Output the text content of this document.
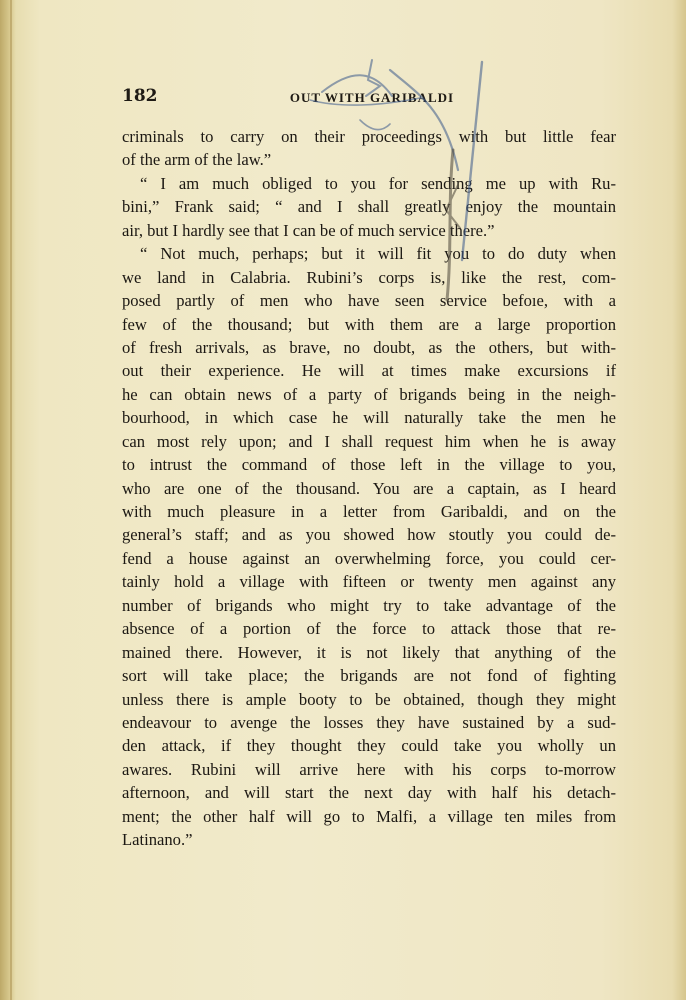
182	OUT WITH GARIBALDI
criminals to carry on their proceedings with but little fear
of the arm of the law.”
“ I am much obliged to you for sending me up with Ru-
bini,” Frank said; “ and I shall greatly enjoy the mountain
air, but I hardly see that I can be of much service there.”
“ Not much, perhaps; but it will fit you to do duty when
we land in Calabria. Rubini’s corps is, like the rest, com-
posed partly of men who have seen service befoıe, with a
few of the thousand; but with them are a large proportion
of fresh arrivals, as brave, no doubt, as the others, but with-
out their experience. He will at times make excursions if
he can obtain news of a party of brigands being in the neigh-
bourhood, in which case he will naturally take the men he
can most rely upon; and I shall request him when he is away
to intrust the command of those left in the village to you,
who are one of the thousand. You are a captain, as I heard
with much pleasure in a letter from Garibaldi, and on the
general’s staff; and as you showed how stoutly you could de-
fend a house against an overwhelming force, you could cer-
tainly hold a village with fifteen or twenty men against any
number of brigands who might try to take advantage of the
absence of a portion of the force to attack those that re-
mained there. However, it is not likely that anything of the
sort will take place; the brigands are not fond of fighting
unless there is ample booty to be obtained, though they might
endeavour to avenge the losses they have sustained by a sud-
den attack, if they thought they could take you wholly un
awares. Rubini will arrive here with his corps to-morrow
afternoon, and will start the next day with half his detach-
ment; the other half will go to Malfi, a village ten miles from
Latinano.”
